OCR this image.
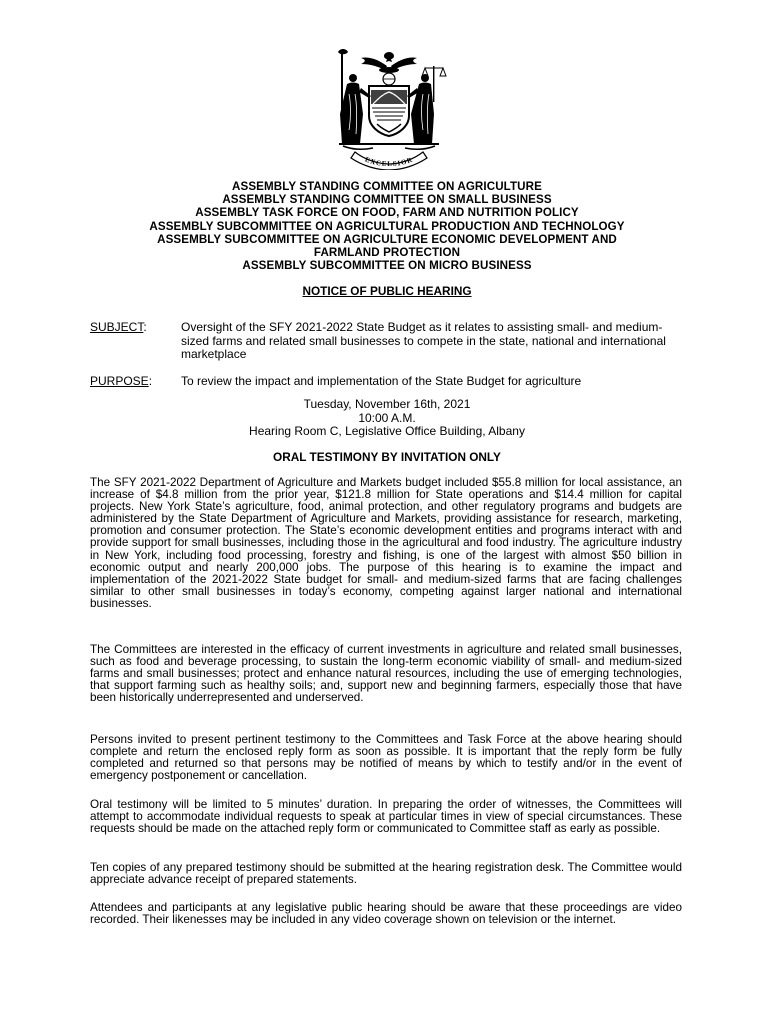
EXCELSIOR
ASSEMBLY STANDING COMMITTEE ON AGRICULTURE
ASSEMBLY STANDING COMMITTEE ON SMALL BUSINESS
ASSEMBLY TASK FORCE ON FOOD, FARM AND NUTRITION POLICY
ASSEMBLY SUBCOMMITTEE ON AGRICULTURAL PRODUCTION AND TECHNOLOGY
ASSEMBLY SUBCOMMITTEE ON AGRICULTURE ECONOMIC DEVELOPMENT AND
FARMLAND PROTECTION
ASSEMBLY SUBCOMMITTEE ON MICRO BUSINESS
NOTICE OF PUBLIC HEARING
SUBJECT:	Oversight of the SFY 2021-2022 State Budget as it relates to assisting small- and medium-sized farms and related small businesses to compete in the state, national and international marketplace
PURPOSE:	To review the impact and implementation of the State Budget for agriculture
Tuesday, November 16th, 2021
10:00 A.M.
Hearing Room C, Legislative Office Building, Albany
ORAL TESTIMONY BY INVITATION ONLY
The SFY 2021-2022 Department of Agriculture and Markets budget included $55.8 million for local assistance, an increase of $4.8 million from the prior year, $121.8 million for State operations and $14.4 million for capital projects. New York State’s agriculture, food, animal protection, and other regulatory programs and budgets are administered by the State Department of Agriculture and Markets, providing assistance for research, marketing, promotion and consumer protection. The State’s economic development entities and programs interact with and provide support for small businesses, including those in the agricultural and food industry. The agriculture industry in New York, including food processing, forestry and fishing, is one of the largest with almost $50 billion in economic output and nearly 200,000 jobs. The purpose of this hearing is to examine the impact and implementation of the 2021-2022 State budget for small- and medium-sized farms that are facing challenges similar to other small businesses in today’s economy, competing against larger national and international businesses.
The Committees are interested in the efficacy of current investments in agriculture and related small businesses, such as food and beverage processing, to sustain the long-term economic viability of small- and medium-sized farms and small businesses; protect and enhance natural resources, including the use of emerging technologies, that support farming such as healthy soils; and, support new and beginning farmers, especially those that have been historically underrepresented and underserved.
Persons invited to present pertinent testimony to the Committees and Task Force at the above hearing should complete and return the enclosed reply form as soon as possible. It is important that the reply form be fully completed and returned so that persons may be notified of means by which to testify and/or in the event of emergency postponement or cancellation.
Oral testimony will be limited to 5 minutes’ duration. In preparing the order of witnesses, the Committees will attempt to accommodate individual requests to speak at particular times in view of special circumstances. These requests should be made on the attached reply form or communicated to Committee staff as early as possible.
Ten copies of any prepared testimony should be submitted at the hearing registration desk. The Committee would appreciate advance receipt of prepared statements.
Attendees and participants at any legislative public hearing should be aware that these proceedings are video recorded. Their likenesses may be included in any video coverage shown on television or the internet.
